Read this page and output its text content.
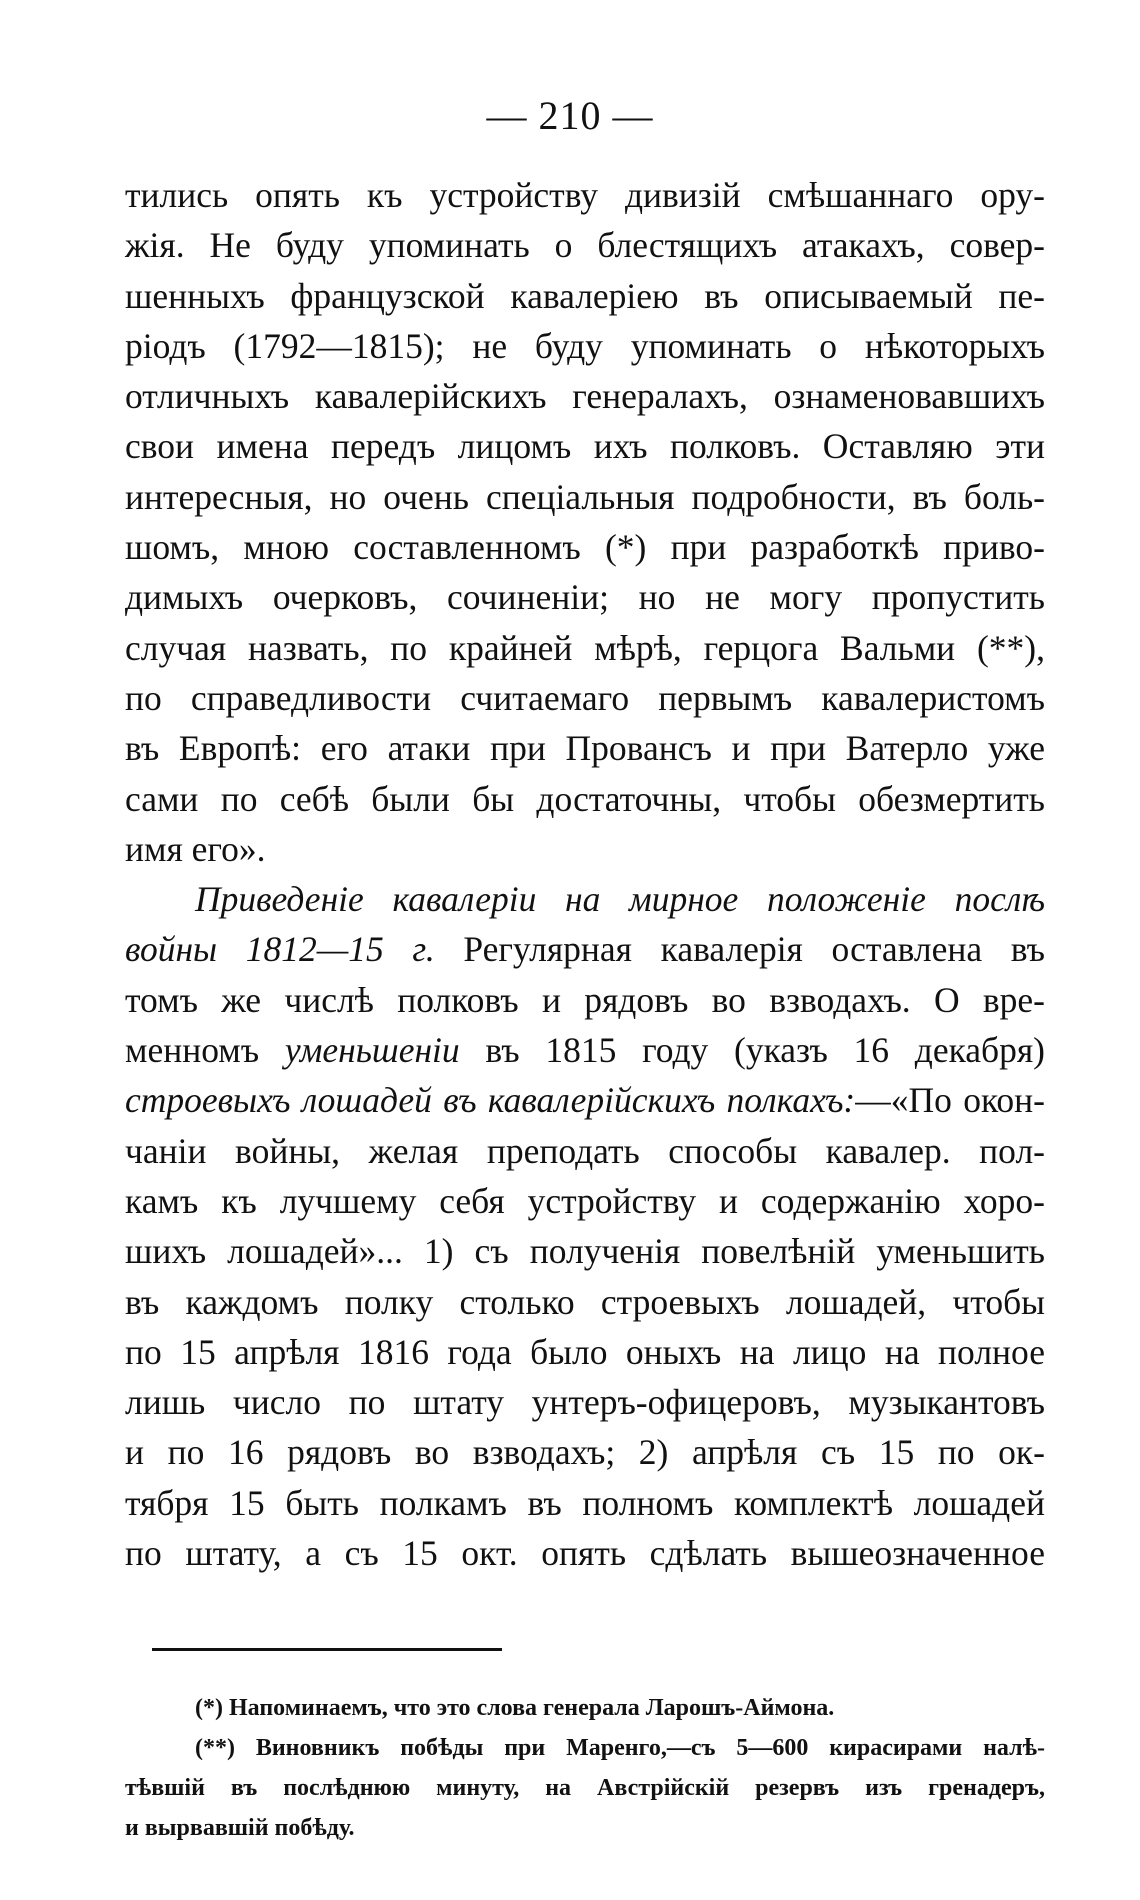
— 210 —
тились опять къ устройству дивизій смѣшаннаго ору-
жія. Не буду упоминать о блестящихъ атакахъ, совер-
шенныхъ французской кавалеріею въ описываемый пе-
ріодъ (1792—1815); не буду упоминать о нѣкоторыхъ
отличныхъ кавалерійскихъ генералахъ, ознаменовавшихъ
свои имена передъ лицомъ ихъ полковъ. Оставляю эти
интересныя, но очень спеціальныя подробности, въ боль-
шомъ, мною составленномъ (*) при разработкѣ приво-
димыхъ очерковъ, сочиненіи; но не могу пропустить
случая назвать, по крайней мѣрѣ, герцога Вальми (**),
по справедливости считаемаго первымъ кавалеристомъ
въ Европѣ: его атаки при Провансъ и при Ватерло уже
сами по себѣ были бы достаточны, чтобы обезмертить
имя его».
Приведеніе кавалеріи на мирное положеніе послѣ
войны 1812—15 г. Регулярная кавалерія оставлена въ
томъ же числѣ полковъ и рядовъ во взводахъ. О вре-
менномъ уменьшеніи въ 1815 году (указъ 16 декабря)
строевыхъ лошадей въ кавалерійскихъ полкахъ:—«По окон-
чаніи войны, желая преподать способы кавалер. пол-
камъ къ лучшему себя устройству и содержанію хоро-
шихъ лошадей»... 1) съ полученія повелѣній уменьшить
въ каждомъ полку столько строевыхъ лошадей, чтобы
по 15 апрѣля 1816 года было оныхъ на лицо на полное
лишь число по штату унтеръ-офицеровъ, музыкантовъ
и по 16 рядовъ во взводахъ; 2) апрѣля съ 15 по ок-
тября 15 быть полкамъ въ полномъ комплектѣ лошадей
по штату, а съ 15 окт. опять сдѣлать вышеозначенное
(*) Напоминаемъ, что это слова генерала Ларошъ-Аймона.
(**) Виновникъ побѣды при Маренго,—съ 5—600 кирасирами налѣ-
тѣвшій въ послѣднюю минуту, на Австрійскій резервъ изъ гренадеръ,
и вырвавшій побѣду.
